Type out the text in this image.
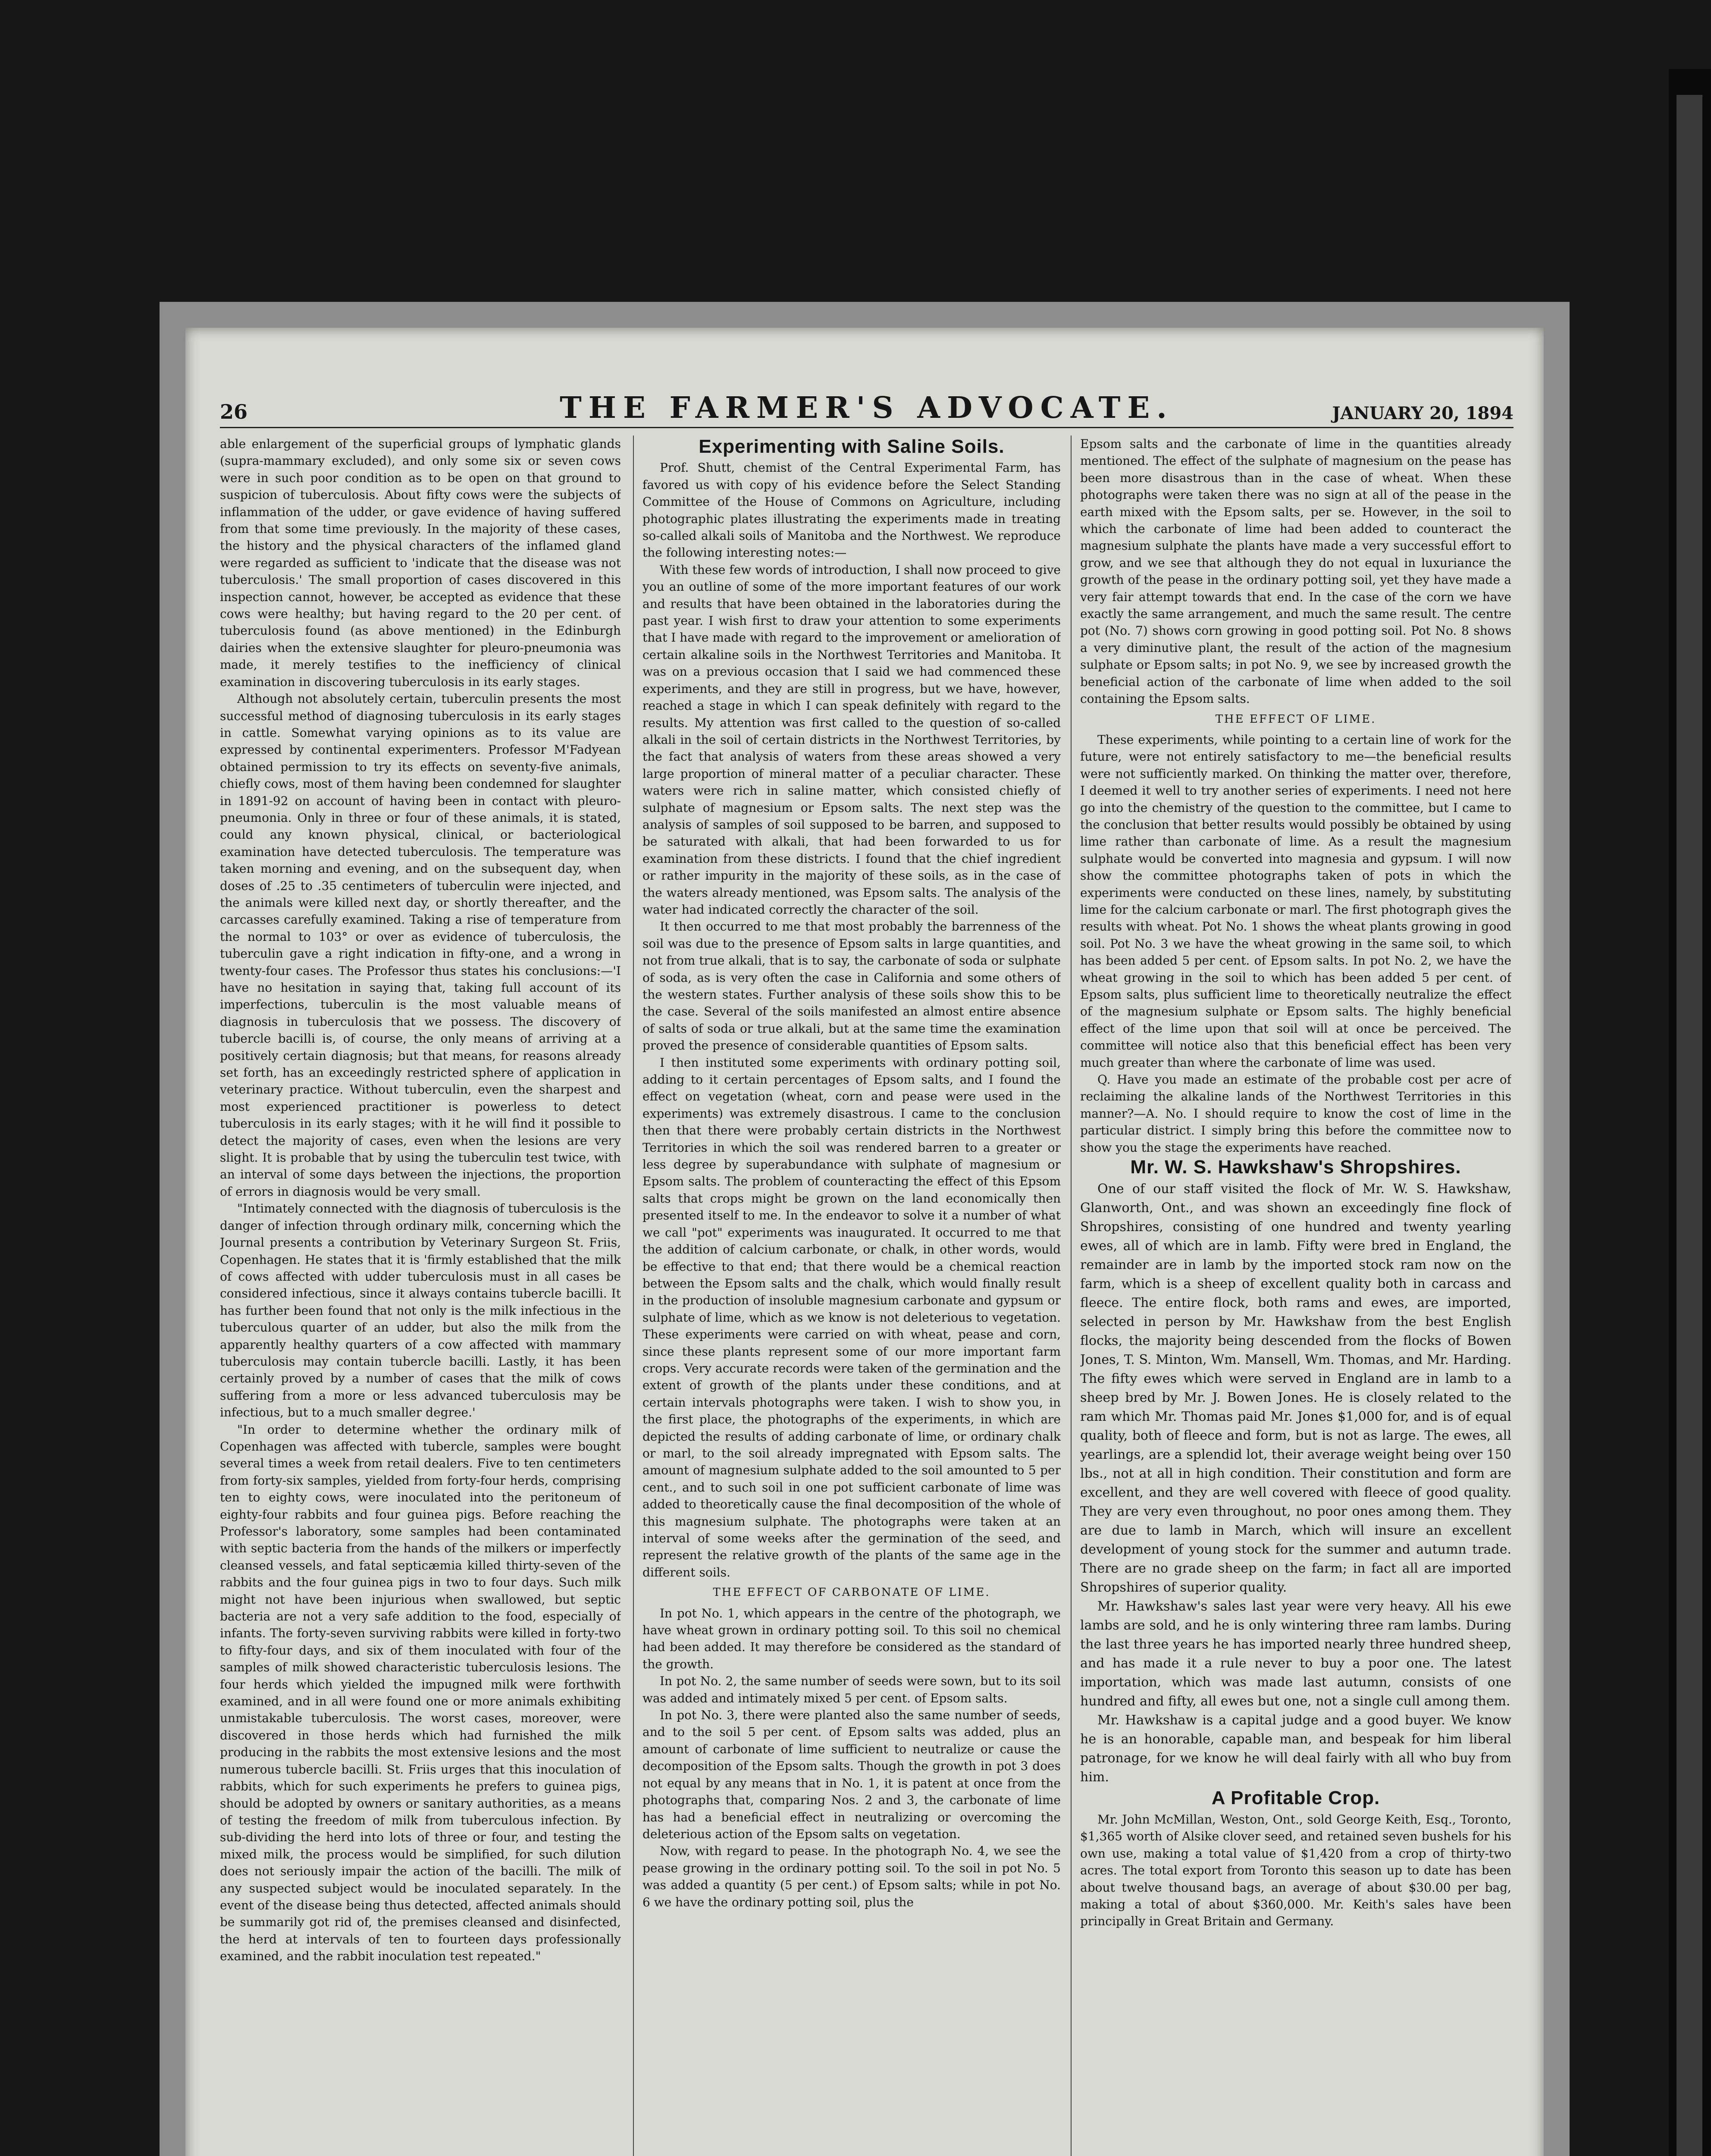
26	THE FARMER'S ADVOCATE.	JANUARY 20, 1894

able enlargement of the superficial groups of lymphatic glands (supra-mammary excluded), and only some six or seven cows were in such poor condition as to be open on that ground to suspicion of tuberculosis. About fifty cows were the subjects of inflammation of the udder, or gave evidence of having suffered from that some time previously. In the majority of these cases, the history and the physical characters of the inflamed gland were regarded as sufficient to 'indicate that the disease was not tuberculosis.' The small proportion of cases discovered in this inspection cannot, however, be accepted as evidence that these cows were healthy; but having regard to the 20 per cent. of tuberculosis found (as above mentioned) in the Edinburgh dairies when the extensive slaughter for pleuro-pneumonia was made, it merely testifies to the inefficiency of clinical examination in discovering tuberculosis in its early stages.

Although not absolutely certain, tuberculin presents the most successful method of diagnosing tuberculosis in its early stages in cattle. Somewhat varying opinions as to its value are expressed by continental experimenters. Professor M'Fadyean obtained permission to try its effects on seventy-five animals, chiefly cows, most of them having been condemned for slaughter in 1891-92 on account of having been in contact with pleuro-pneumonia. Only in three or four of these animals, it is stated, could any known physical, clinical, or bacteriological examination have detected tuberculosis. The temperature was taken morning and evening, and on the subsequent day, when doses of .25 to .35 centimeters of tuberculin were injected, and the animals were killed next day, or shortly thereafter, and the carcasses carefully examined. Taking a rise of temperature from the normal to 103° or over as evidence of tuberculosis, the tuberculin gave a right indication in fifty-one, and a wrong in twenty-four cases. The Professor thus states his conclusions:—'I have no hesitation in saying that, taking full account of its imperfections, tuberculin is the most valuable means of diagnosis in tuberculosis that we possess. The discovery of tubercle bacilli is, of course, the only means of arriving at a positively certain diagnosis; but that means, for reasons already set forth, has an exceedingly restricted sphere of application in veterinary practice. Without tuberculin, even the sharpest and most experienced practitioner is powerless to detect tuberculosis in its early stages; with it he will find it possible to detect the majority of cases, even when the lesions are very slight. It is probable that by using the tuberculin test twice, with an interval of some days between the injections, the proportion of errors in diagnosis would be very small.

"Intimately connected with the diagnosis of tuberculosis is the danger of infection through ordinary milk, concerning which the Journal presents a contribution by Veterinary Surgeon St. Friis, Copenhagen. He states that it is 'firmly established that the milk of cows affected with udder tuberculosis must in all cases be considered infectious, since it always contains tubercle bacilli. It has further been found that not only is the milk infectious in the tuberculous quarter of an udder, but also the milk from the apparently healthy quarters of a cow affected with mammary tuberculosis may contain tubercle bacilli. Lastly, it has been certainly proved by a number of cases that the milk of cows suffering from a more or less advanced tuberculosis may be infectious, but to a much smaller degree.'

"In order to determine whether the ordinary milk of Copenhagen was affected with tubercle, samples were bought several times a week from retail dealers. Five to ten centimeters from forty-six samples, yielded from forty-four herds, comprising ten to eighty cows, were inoculated into the peritoneum of eighty-four rabbits and four guinea pigs. Before reaching the Professor's laboratory, some samples had been contaminated with septic bacteria from the hands of the milkers or imperfectly cleansed vessels, and fatal septicæmia killed thirty-seven of the rabbits and the four guinea pigs in two to four days. Such milk might not have been injurious when swallowed, but septic bacteria are not a very safe addition to the food, especially of infants. The forty-seven surviving rabbits were killed in forty-two to fifty-four days, and six of them inoculated with four of the samples of milk showed characteristic tuberculosis lesions. The four herds which yielded the impugned milk were forthwith examined, and in all were found one or more animals exhibiting unmistakable tuberculosis. The worst cases, moreover, were discovered in those herds which had furnished the milk producing in the rabbits the most extensive lesions and the most numerous tubercle bacilli. St. Friis urges that this inoculation of rabbits, which for such experiments he prefers to guinea pigs, should be adopted by owners or sanitary authorities, as a means of testing the freedom of milk from tuberculous infection. By sub-dividing the herd into lots of three or four, and testing the mixed milk, the process would be simplified, for such dilution does not seriously impair the action of the bacilli. The milk of any suspected subject would be inoculated separately. In the event of the disease being thus detected, affected animals should be summarily got rid of, the premises cleansed and disinfected, the herd at intervals of ten to fourteen days professionally examined, and the rabbit inoculation test repeated."

Experimenting with Saline Soils.

Prof. Shutt, chemist of the Central Experimental Farm, has favored us with copy of his evidence before the Select Standing Committee of the House of Commons on Agriculture, including photographic plates illustrating the experiments made in treating so-called alkali soils of Manitoba and the Northwest. We reproduce the following interesting notes:—

With these few words of introduction, I shall now proceed to give you an outline of some of the more important features of our work and results that have been obtained in the laboratories during the past year. I wish first to draw your attention to some experiments that I have made with regard to the improvement or amelioration of certain alkaline soils in the Northwest Territories and Manitoba. It was on a previous occasion that I said we had commenced these experiments, and they are still in progress, but we have, however, reached a stage in which I can speak definitely with regard to the results. My attention was first called to the question of so-called alkali in the soil of certain districts in the Northwest Territories, by the fact that analysis of waters from these areas showed a very large proportion of mineral matter of a peculiar character. These waters were rich in saline matter, which consisted chiefly of sulphate of magnesium or Epsom salts. The next step was the analysis of samples of soil supposed to be barren, and supposed to be saturated with alkali, that had been forwarded to us for examination from these districts. I found that the chief ingredient or rather impurity in the majority of these soils, as in the case of the waters already mentioned, was Epsom salts. The analysis of the water had indicated correctly the character of the soil.

It then occurred to me that most probably the barrenness of the soil was due to the presence of Epsom salts in large quantities, and not from true alkali, that is to say, the carbonate of soda or sulphate of soda, as is very often the case in California and some others of the western states. Further analysis of these soils show this to be the case. Several of the soils manifested an almost entire absence of salts of soda or true alkali, but at the same time the examination proved the presence of considerable quantities of Epsom salts.

I then instituted some experiments with ordinary potting soil, adding to it certain percentages of Epsom salts, and I found the effect on vegetation (wheat, corn and pease were used in the experiments) was extremely disastrous. I came to the conclusion then that there were probably certain districts in the Northwest Territories in which the soil was rendered barren to a greater or less degree by superabundance with sulphate of magnesium or Epsom salts. The problem of counteracting the effect of this Epsom salts that crops might be grown on the land economically then presented itself to me. In the endeavor to solve it a number of what we call "pot" experiments was inaugurated. It occurred to me that the addition of calcium carbonate, or chalk, in other words, would be effective to that end; that there would be a chemical reaction between the Epsom salts and the chalk, which would finally result in the production of insoluble magnesium carbonate and gypsum or sulphate of lime, which as we know is not deleterious to vegetation. These experiments were carried on with wheat, pease and corn, since these plants represent some of our more important farm crops. Very accurate records were taken of the germination and the extent of growth of the plants under these conditions, and at certain intervals photographs were taken. I wish to show you, in the first place, the photographs of the experiments, in which are depicted the results of adding carbonate of lime, or ordinary chalk or marl, to the soil already impregnated with Epsom salts. The amount of magnesium sulphate added to the soil amounted to 5 per cent., and to such soil in one pot sufficient carbonate of lime was added to theoretically cause the final decomposition of the whole of this magnesium sulphate. The photographs were taken at an interval of some weeks after the germination of the seed, and represent the relative growth of the plants of the same age in the different soils.

THE EFFECT OF CARBONATE OF LIME.

In pot No. 1, which appears in the centre of the photograph, we have wheat grown in ordinary potting soil. To this soil no chemical had been added. It may therefore be considered as the standard of the growth.

In pot No. 2, the same number of seeds were sown, but to its soil was added and intimately mixed 5 per cent. of Epsom salts.

In pot No. 3, there were planted also the same number of seeds, and to the soil 5 per cent. of Epsom salts was added, plus an amount of carbonate of lime sufficient to neutralize or cause the decomposition of the Epsom salts. Though the growth in pot 3 does not equal by any means that in No. 1, it is patent at once from the photographs that, comparing Nos. 2 and 3, the carbonate of lime has had a beneficial effect in neutralizing or overcoming the deleterious action of the Epsom salts on vegetation.

Now, with regard to pease. In the photograph No. 4, we see the pease growing in the ordinary potting soil. To the soil in pot No. 5 was added a quantity (5 per cent.) of Epsom salts; while in pot No. 6 we have the ordinary potting soil, plus the

Epsom salts and the carbonate of lime in the quantities already mentioned. The effect of the sulphate of magnesium on the pease has been more disastrous than in the case of wheat. When these photographs were taken there was no sign at all of the pease in the earth mixed with the Epsom salts, per se. However, in the soil to which the carbonate of lime had been added to counteract the magnesium sulphate the plants have made a very successful effort to grow, and we see that although they do not equal in luxuriance the growth of the pease in the ordinary potting soil, yet they have made a very fair attempt towards that end. In the case of the corn we have exactly the same arrangement, and much the same result. The centre pot (No. 7) shows corn growing in good potting soil. Pot No. 8 shows a very diminutive plant, the result of the action of the magnesium sulphate or Epsom salts; in pot No. 9, we see by increased growth the beneficial action of the carbonate of lime when added to the soil containing the Epsom salts.

THE EFFECT OF LIME.

These experiments, while pointing to a certain line of work for the future, were not entirely satisfactory to me—the beneficial results were not sufficiently marked. On thinking the matter over, therefore, I deemed it well to try another series of experiments. I need not here go into the chemistry of the question to the committee, but I came to the conclusion that better results would possibly be obtained by using lime rather than carbonate of lime. As a result the magnesium sulphate would be converted into magnesia and gypsum. I will now show the committee photographs taken of pots in which the experiments were conducted on these lines, namely, by substituting lime for the calcium carbonate or marl. The first photograph gives the results with wheat. Pot No. 1 shows the wheat plants growing in good soil. Pot No. 3 we have the wheat growing in the same soil, to which has been added 5 per cent. of Epsom salts. In pot No. 2, we have the wheat growing in the soil to which has been added 5 per cent. of Epsom salts, plus sufficient lime to theoretically neutralize the effect of the magnesium sulphate or Epsom salts. The highly beneficial effect of the lime upon that soil will at once be perceived. The committee will notice also that this beneficial effect has been very much greater than where the carbonate of lime was used.

Q. Have you made an estimate of the probable cost per acre of reclaiming the alkaline lands of the Northwest Territories in this manner?—A. No. I should require to know the cost of lime in the particular district. I simply bring this before the committee now to show you the stage the experiments have reached.

Mr. W. S. Hawkshaw's Shropshires.

One of our staff visited the flock of Mr. W. S. Hawkshaw, Glanworth, Ont., and was shown an exceedingly fine flock of Shropshires, consisting of one hundred and twenty yearling ewes, all of which are in lamb. Fifty were bred in England, the remainder are in lamb by the imported stock ram now on the farm, which is a sheep of excellent quality both in carcass and fleece. The entire flock, both rams and ewes, are imported, selected in person by Mr. Hawkshaw from the best English flocks, the majority being descended from the flocks of Bowen Jones, T. S. Minton, Wm. Mansell, Wm. Thomas, and Mr. Harding. The fifty ewes which were served in England are in lamb to a sheep bred by Mr. J. Bowen Jones. He is closely related to the ram which Mr. Thomas paid Mr. Jones $1,000 for, and is of equal quality, both of fleece and form, but is not as large. The ewes, all yearlings, are a splendid lot, their average weight being over 150 lbs., not at all in high condition. Their constitution and form are excellent, and they are well covered with fleece of good quality. They are very even throughout, no poor ones among them. They are due to lamb in March, which will insure an excellent development of young stock for the summer and autumn trade. There are no grade sheep on the farm; in fact all are imported Shropshires of superior quality.

Mr. Hawkshaw's sales last year were very heavy. All his ewe lambs are sold, and he is only wintering three ram lambs. During the last three years he has imported nearly three hundred sheep, and has made it a rule never to buy a poor one. The latest importation, which was made last autumn, consists of one hundred and fifty, all ewes but one, not a single cull among them.

Mr. Hawkshaw is a capital judge and a good buyer. We know he is an honorable, capable man, and bespeak for him liberal patronage, for we know he will deal fairly with all who buy from him.

A Profitable Crop.

Mr. John McMillan, Weston, Ont., sold George Keith, Esq., Toronto, $1,365 worth of Alsike clover seed, and retained seven bushels for his own use, making a total value of $1,420 from a crop of thirty-two acres. The total export from Toronto this season up to date has been about twelve thousand bags, an average of about $30.00 per bag, making a total of about $360,000. Mr. Keith's sales have been principally in Great Britain and Germany.
